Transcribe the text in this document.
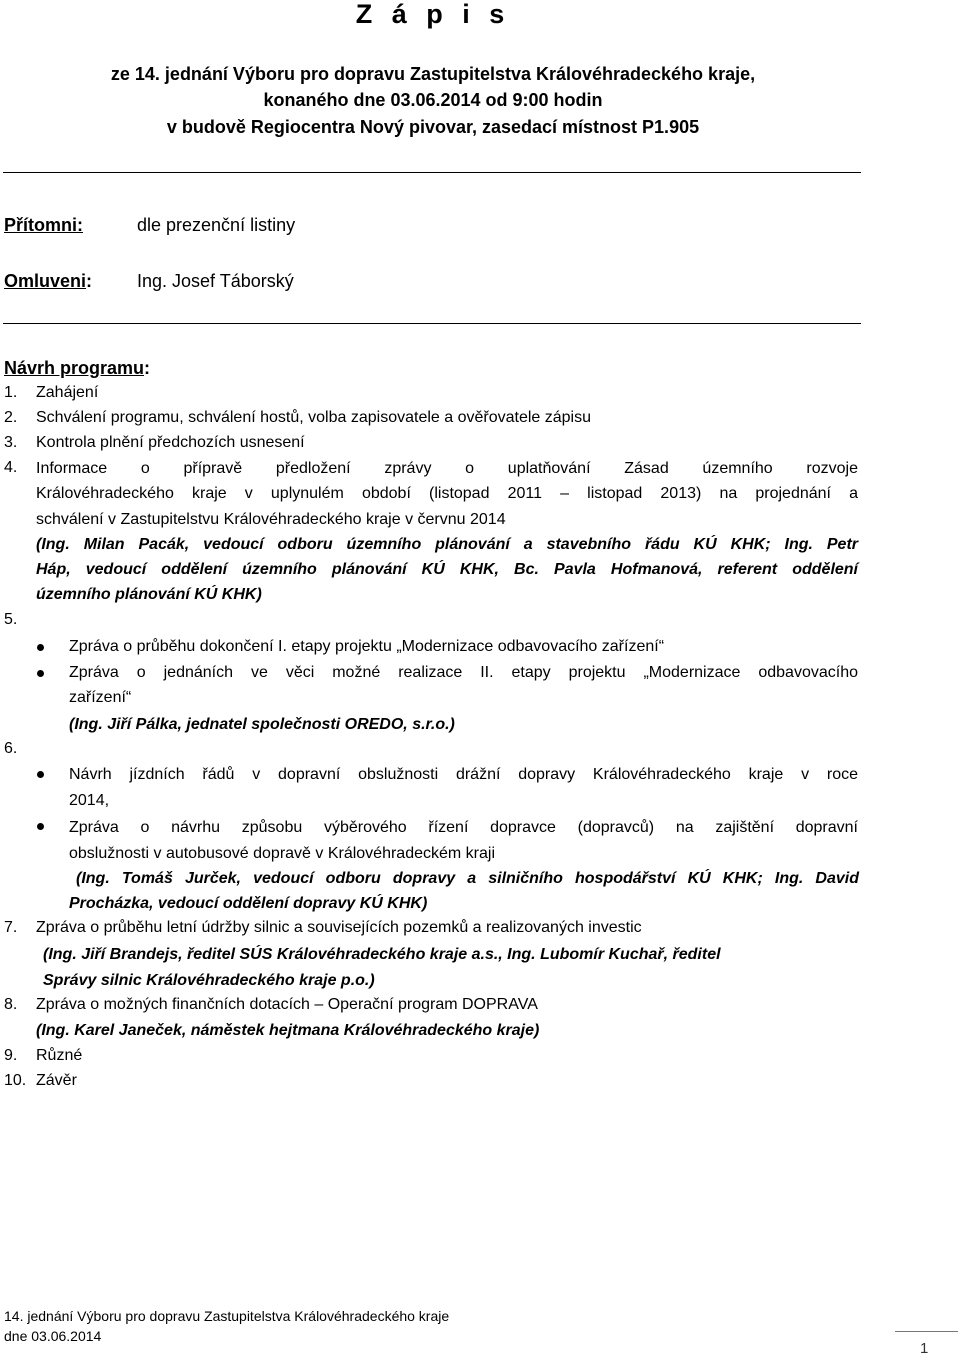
Z á p i s
ze 14. jednání Výboru pro dopravu Zastupitelstva Královéhradeckého kraje,
konaného dne 03.06.2014 od 9:00 hodin
v budově Regiocentra Nový pivovar, zasedací místnost P1.905
Přítomni:	dle prezenční listiny
Omluveni: Ing. Josef Táborský
Návrh programu:
1. Zahájení
2. Schválení programu, schválení hostů, volba zapisovatele a ověřovatele zápisu
3. Kontrola plnění předchozích usnesení
4. Informace o přípravě předložení zprávy o uplatňování Zásad územního rozvoje
Královéhradeckého kraje v uplynulém období (listopad 2011 – listopad 2013) na projednání a
schválení v Zastupitelstvu Královéhradeckého kraje v červnu 2014
(Ing. Milan Pacák, vedoucí odboru územního plánování a stavebního řádu KÚ KHK; Ing. Petr
Háp, vedoucí oddělení územního plánování KÚ KHK, Bc. Pavla Hofmanová, referent oddělení
územního plánování KÚ KHK)
5.
Zpráva o průběhu dokončení I. etapy projektu „Modernizace odbavovacího zařízení“
Zpráva o jednáních ve věci možné realizace II. etapy projektu „Modernizace odbavovacího
zařízení“
(Ing. Jiří Pálka, jednatel společnosti OREDO, s.r.o.)
6.
Návrh jízdních řádů v dopravní obslužnosti drážní dopravy Královéhradeckého kraje v roce
2014,
Zpráva o návrhu způsobu výběrového řízení dopravce (dopravců) na zajištění dopravní
obslužnosti v autobusové dopravě v Královéhradeckém kraji
(Ing. Tomáš Jurček, vedoucí odboru dopravy a silničního hospodářství KÚ KHK; Ing. David
Procházka, vedoucí oddělení dopravy KÚ KHK)
7. Zpráva o průběhu letní údržby silnic a souvisejících pozemků a realizovaných investic
(Ing. Jiří Brandejs, ředitel SÚS Královéhradeckého kraje a.s., Ing. Lubomír Kuchař, ředitel
Správy silnic Královéhradeckého kraje p.o.)
8. Zpráva o možných finančních dotacích – Operační program DOPRAVA
(Ing. Karel Janeček, náměstek hejtmana Královéhradeckého kraje)
9. Různé
10. Závěr
14. jednání Výboru pro dopravu Zastupitelstva Královéhradeckého kraje
dne 03.06.2014
1
